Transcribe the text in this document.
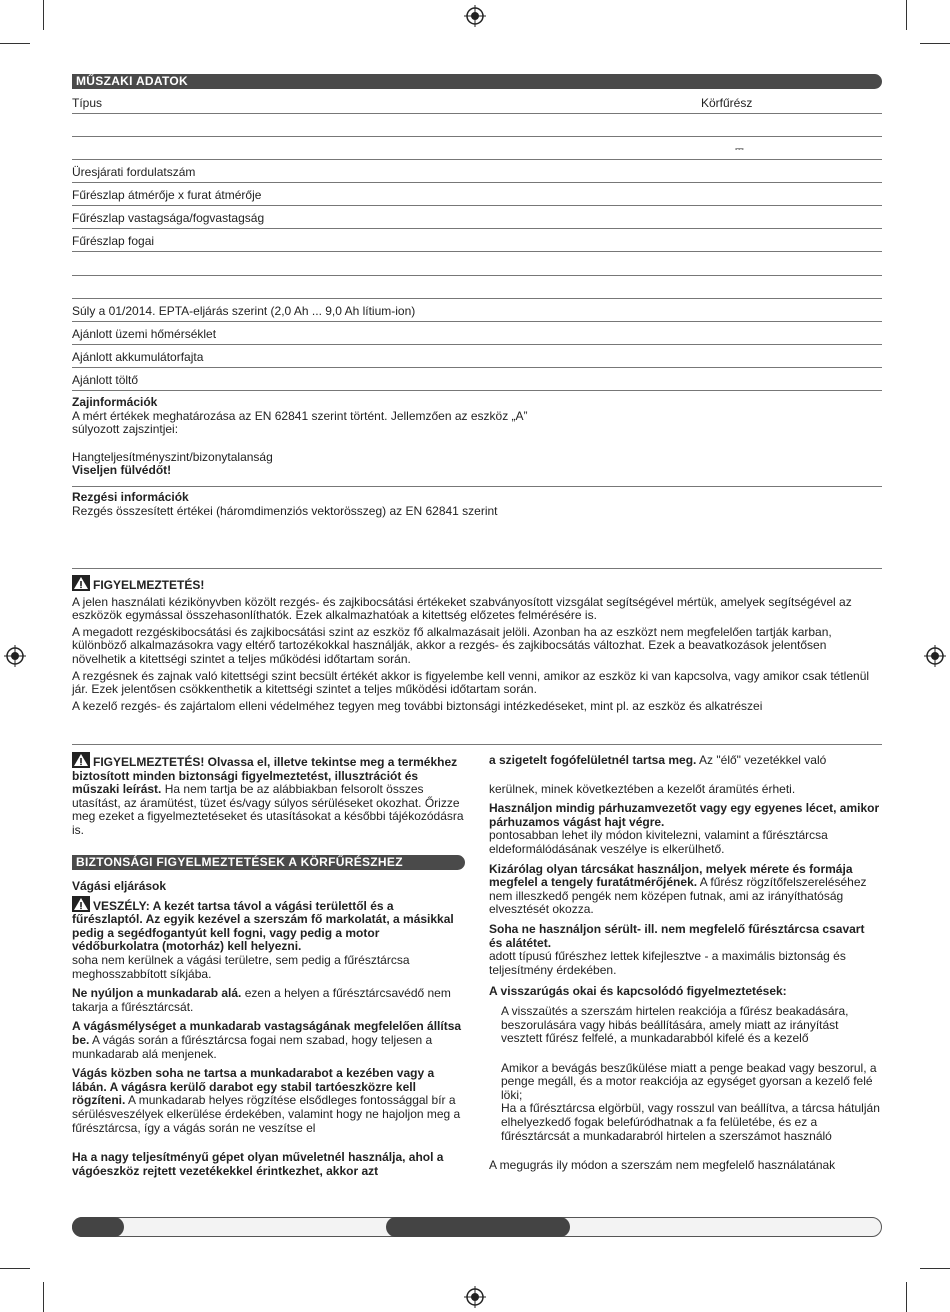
MŰSZAKI ADATOK
Típus	Körfűrész
⎓
Üresjárati fordulatszám
Fűrészlap átmérője x furat átmérője
Fűrészlap vastagsága/fogvastagság
Fűrészlap fogai
Súly a 01/2014. EPTA-eljárás szerint (2,0 Ah ... 9,0 Ah lítium-ion)
Ajánlott üzemi hőmérséklet
Ajánlott akkumulátorfajta
Ajánlott töltő
Zajinformációk
A mért értékek meghatározása az EN 62841 szerint történt. Jellemzően az eszköz „A” súlyozott zajszintjei:
Hangteljesítményszint/bizonytalanság
Viseljen fülvédőt!
Rezgési információk
Rezgés összesített értékei (háromdimenziós vektorösszeg) az EN 62841 szerint
FIGYELMEZTETÉS!
A jelen használati kézikönyvben közölt rezgés- és zajkibocsátási értékeket szabványosított vizsgálat segítségével mértük, amelyek segítségével az eszközök egymással összehasonlíthatók. Ezek alkalmazhatóak a kitettség előzetes felmérésére is.
A megadott rezgéskibocsátási és zajkibocsátási szint az eszköz fő alkalmazásait jelöli. Azonban ha az eszközt nem megfelelően tartják karban, különböző alkalmazásokra vagy eltérő tartozékokkal használják, akkor a rezgés- és zajkibocsátás változhat. Ezek a beavatkozások jelentősen növelhetik a kitettségi szintet a teljes működési időtartam során.
A rezgésnek és zajnak való kitettségi szint becsült értékét akkor is figyelembe kell venni, amikor az eszköz ki van kapcsolva, vagy amikor csak tétlenül jár. Ezek jelentősen csökkenthetik a kitettségi szintet a teljes működési időtartam során.
A kezelő rezgés- és zajártalom elleni védelméhez tegyen meg további biztonsági intézkedéseket, mint pl. az eszköz és alkatrészei
FIGYELMEZTETÉS! Olvassa el, illetve tekintse meg a termékhez biztosított minden biztonsági figyelmeztetést, illusztrációt és műszaki leírást. Ha nem tartja be az alábbiakban felsorolt összes utasítást, az áramütést, tüzet és/vagy súlyos sérüléseket okozhat. Őrizze meg ezeket a figyelmeztetéseket és utasításokat a későbbi tájékozódásra is.
BIZTONSÁGI FIGYELMEZTETÉSEK A KÖRFŰRÉSZHEZ
Vágási eljárások
VESZÉLY: A kezét tartsa távol a vágási területtől és a fűrészlaptól. Az egyik kezével a szerszám fő markolatát, a másikkal pedig a segédfogantyút kell fogni, vagy pedig a motor védőburkolatra (motorház) kell helyezni.
soha nem kerülnek a vágási területre, sem pedig a fűrésztárcsa meghosszabbított síkjába.
Ne nyúljon a munkadarab alá. ezen a helyen a fűrésztárcsavédő nem takarja a fűrésztárcsát.
A vágásmélységet a munkadarab vastagságának megfelelően állítsa be. A vágás során a fűrésztárcsa fogai nem szabad, hogy teljesen a munkadarab alá menjenek.
Vágás közben soha ne tartsa a munkadarabot a kezében vagy a lábán. A vágásra kerülő darabot egy stabil tartóeszközre kell rögzíteni. A munkadarab helyes rögzítése elsődleges fontossággal bír a sérülésveszélyek elkerülése érdekében, valamint hogy ne hajoljon meg a fűrésztárcsa, így a vágás során ne veszítse el
Ha a nagy teljesítményű gépet olyan műveletnél használja, ahol a vágóeszköz rejtett vezetékekkel érintkezhet, akkor azt
a szigetelt fogófelületnél tartsa meg. Az "élő" vezetékkel való
kerülnek, minek következtében a kezelőt áramütés érheti.
Használjon mindig párhuzamvezetőt vagy egy egyenes lécet, amikor párhuzamos vágást hajt végre.
pontosabban lehet ily módon kivitelezni, valamint a fűrésztárcsa eldeformálódásának veszélye is elkerülhető.
Kizárólag olyan tárcsákat használjon, melyek mérete és formája megfelel a tengely furatátmérőjének. A fűrész rögzítőfelszereléséhez nem illeszkedő pengék nem középen futnak, ami az irányíthatóság elvesztését okozza.
Soha ne használjon sérült- ill. nem megfelelő fűrésztárcsa csavart és alátétet.
adott típusú fűrészhez lettek kifejlesztve - a maximális biztonság és teljesítmény érdekében.
A visszarúgás okai és kapcsolódó figyelmeztetések:
A visszaütés a szerszám hirtelen reakciója a fűrész beakadására, beszorulására vagy hibás beállítására, amely miatt az irányítást vesztett fűrész felfelé, a munkadarabból kifelé és a kezelő
Amikor a bevágás beszűkülése miatt a penge beakad vagy beszorul, a penge megáll, és a motor reakciója az egységet gyorsan a kezelő felé löki;
Ha a fűrésztárcsa elgörbül, vagy rosszul van beállítva, a tárcsa hátulján elhelyezkedő fogak belefúródhatnak a fa felületébe, és ez a fűrésztárcsát a munkadarabról hirtelen a szerszámot használó
A megugrás ily módon a szerszám nem megfelelő használatának
